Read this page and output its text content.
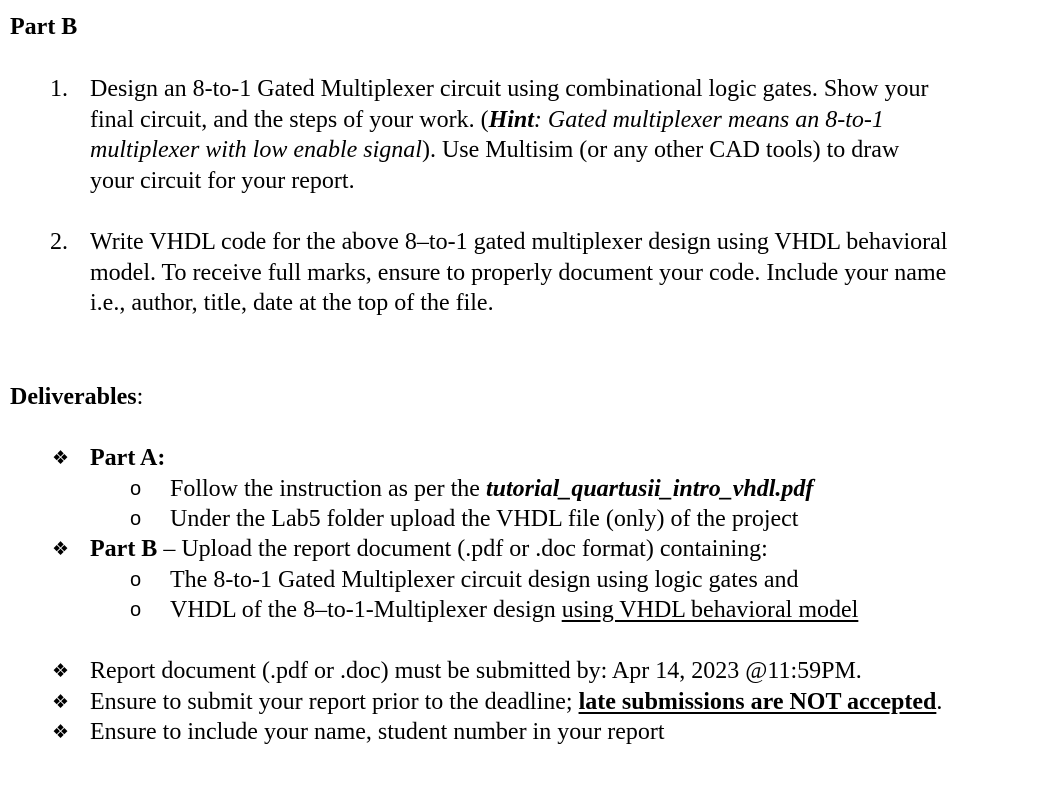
Part B
1. Design an 8-to-1 Gated Multiplexer circuit using combinational logic gates. Show your
final circuit, and the steps of your work. (Hint: Gated multiplexer means an 8-to-1
multiplexer with low enable signal). Use Multisim (or any other CAD tools) to draw
your circuit for your report.
2. Write VHDL code for the above 8–to-1 gated multiplexer design using VHDL behavioral
model. To receive full marks, ensure to properly document your code. Include your name
i.e., author, title, date at the top of the file.
Deliverables:
❖ Part A:
o Follow the instruction as per the tutorial_quartusii_intro_vhdl.pdf
o Under the Lab5 folder upload the VHDL file (only) of the project
❖ Part B – Upload the report document (.pdf or .doc format) containing:
o The 8-to-1 Gated Multiplexer circuit design using logic gates and
o VHDL of the 8–to-1-Multiplexer design using VHDL behavioral model
❖ Report document (.pdf or .doc) must be submitted by: Apr 14, 2023 @11:59PM.
❖ Ensure to submit your report prior to the deadline; late submissions are NOT accepted.
❖ Ensure to include your name, student number in your report
